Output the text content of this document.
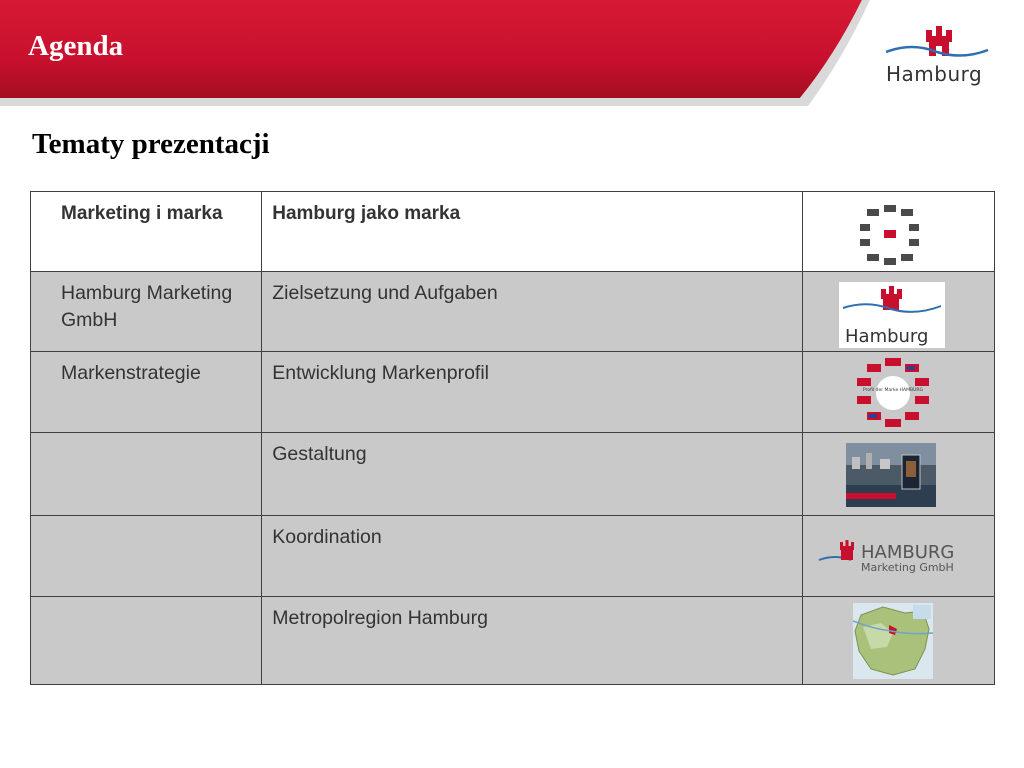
Agenda
Hamburg
Tematy prezentacji
Marketing i marka	Hamburg jako marka

Hamburg Marketing GmbH	Zielsetzung und Aufgaben	Hamburg

Markenstrategie	Entwicklung Markenprofil	Profil der Marke HAMBURG

	Gestaltung

	Koordination	HAMBURG
Marketing GmbH

	Metropolregion Hamburg
